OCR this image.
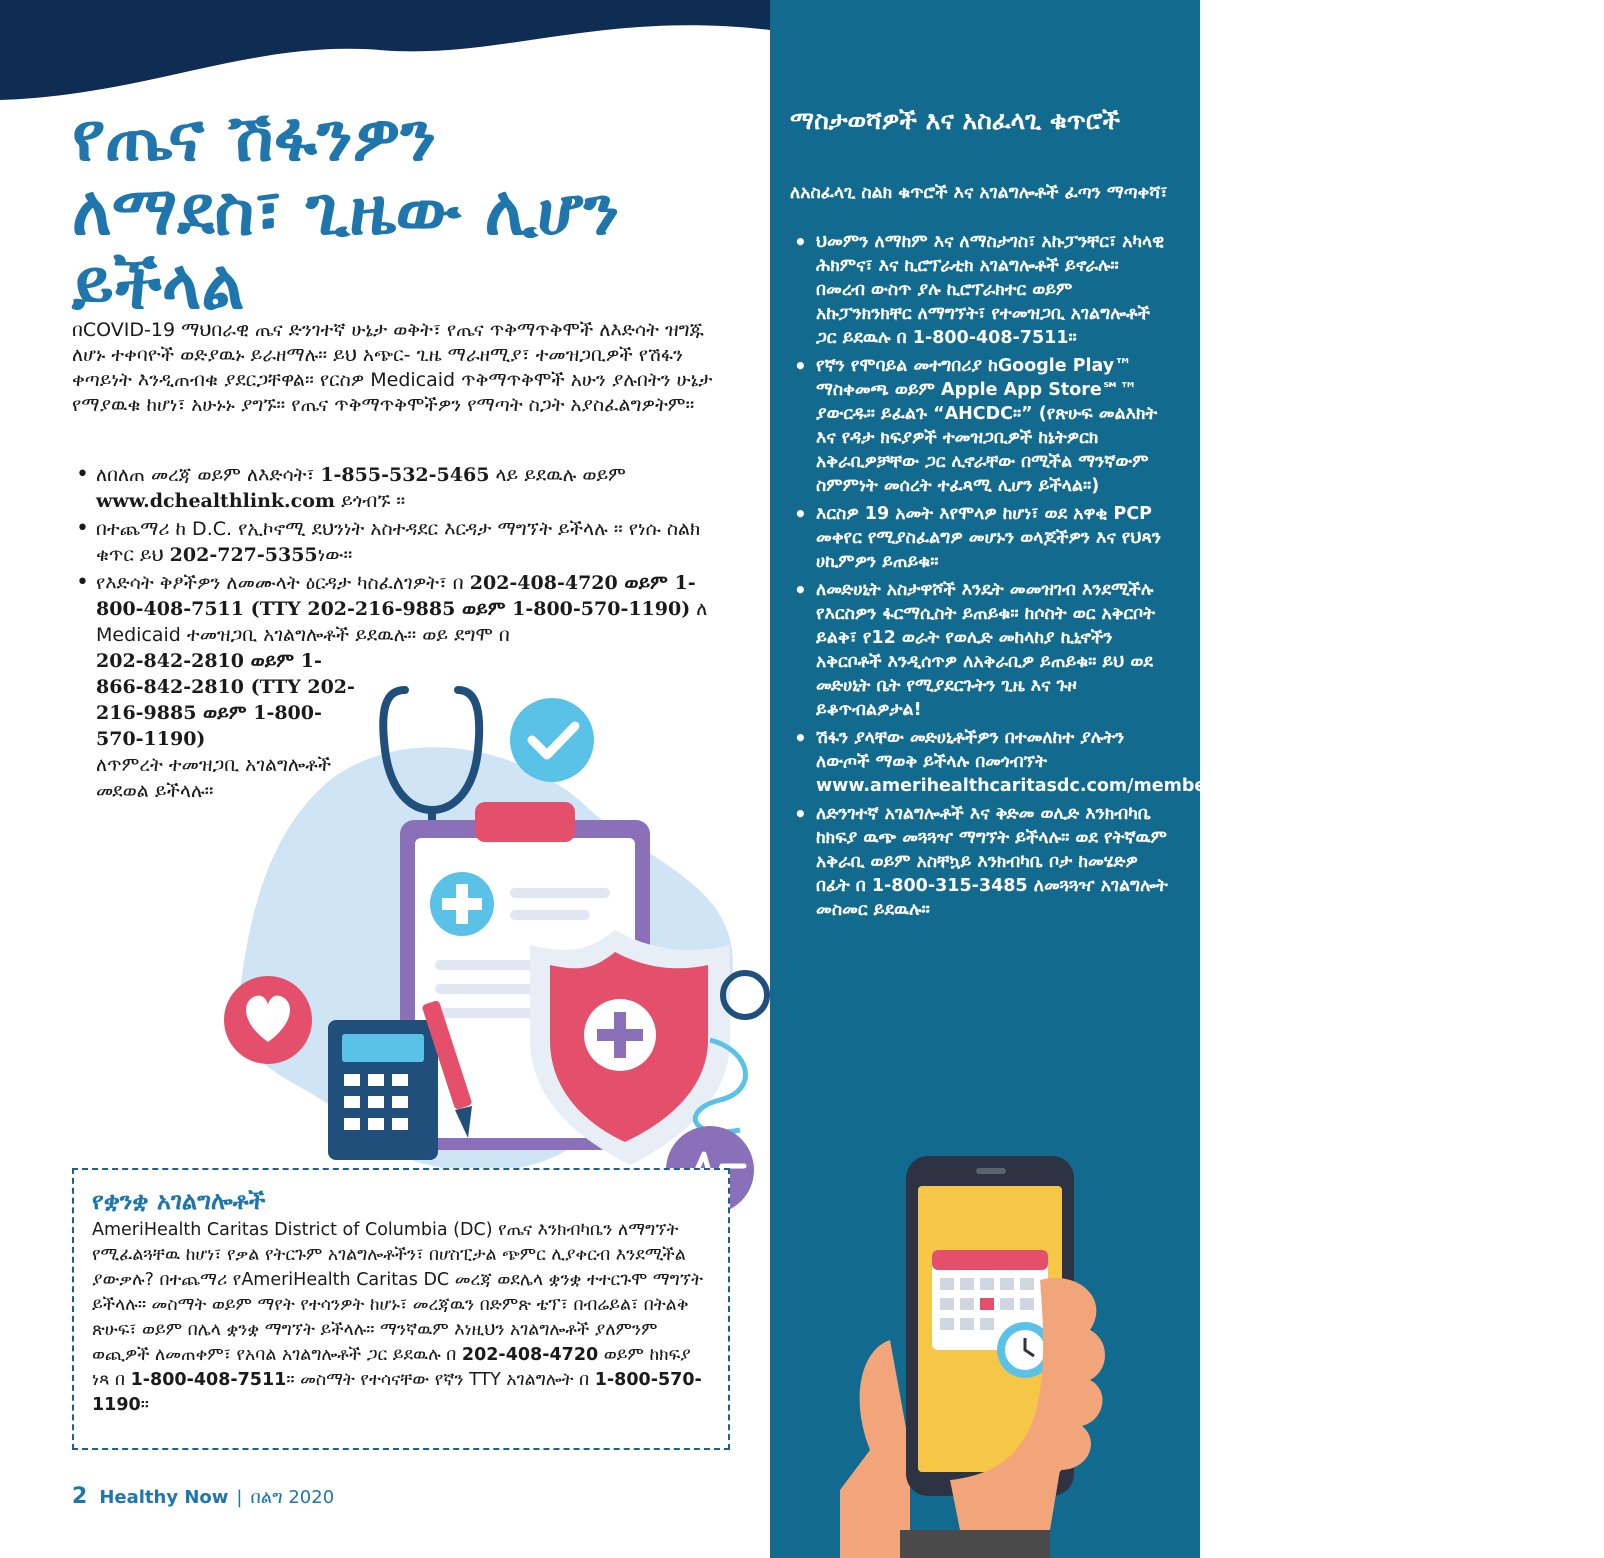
የጤና ሽፋንዎን
ለማደስ፣ ጊዜው ሊሆን
ይችላል

በCOVID-19 ማህበራዊ ጤና ድንገተኛ ሁኔታ ወቅት፣ የጤና ጥቅማጥቅሞች ለእድሳት ዝግጁ ለሆኑ ተቀባዮች ወድያዉኑ ይራዘማሉ። ይህ አጭር- ጊዜ ማራዘሚያ፣ ተመዝጋቢዎች የሽፋን ቀጣይነት እንዲጠብቁ ያደርጋቸዋል። የርስዎ Medicaid ጥቅማጥቅሞች አሁን ያሉበትን ሁኔታ የማያዉቁ ከሆነ፣ አሁኑኑ ያግኙ። የጤና ጥቅማጥቅሞችዎን የማጣት ስጋት አያስፈልግዎትም።

• ለበለጠ መረጃ ወይም ለእድሳት፣ 1-855-532-5465 ላይ ይደዉሉ ወይም www.dchealthlink.com ይጎብኙ ።
• በተጨማሪ ከ D.C. የኢኮኖሚ ደህንነት አስተዳደር እርዳታ ማግኘት ይችላሉ ። የነሱ ስልክ ቁጥር ይህ 202-727-5355ነው።
• የእድሳት ቅፆችዎን ለመሙላት ዕርዳታ ካስፈለገዎት፣ በ 202-408-4720 ወይም 1-800-408-7511 (TTY 202-216-9885 ወይም 1-800-570-1190) ለ Medicaid ተመዝጋቢ አገልግሎቶች ይደዉሉ። ወይ ደግሞ በ
202-842-2810 ወይም 1-866-842-2810 (TTY 202-216-9885 ወይም 1-800-570-1190)
ለጥምረት ተመዝጋቢ አገልግሎቶች መደወል ይችላሉ።
የቋንቋ አገልግሎቶች

AmeriHealth Caritas District of Columbia (DC) የጤና እንክብካቤን ለማግኘት የሚፈልጓቸዉ ከሆነ፣ የቃል የትርጉም አገልግሎቶችን፣ በሆስፒታል ጭምር ሊያቀርብ እንደሚችል ያውቃሉ? በተጨማሪ የAmeriHealth Caritas DC መረጃ ወደሌላ ቋንቋ ተተርጉሞ ማግኘት ይችላሉ። መስማት ወይም ማየት የተሳንዎት ከሆኑ፣ መረጃዉን በድምጽ ቴፕ፣ በብሬይል፣ በትልቅ ጽሁፍ፣ ወይም በሌላ ቋንቋ ማግኘት ይችላሉ። ማንኛዉም እነዚህን አገልግሎቶች ያለምንም ወጪዎች ለመጠቀም፣ የአባል አገልግሎቶች ጋር ይደዉሉ በ 202-408-4720 ወይም ከክፍያ ነጻ በ 1-800-408-7511። መስማት የተሳናቸው የኛን TTY አገልግሎት በ 1-800-570-1190።

2 Healthy Now | በልግ 2020
ማስታወሻዎች እና አስፈላጊ ቁጥሮች

ለአስፈላጊ ስልክ ቁጥሮች እና አገልግሎቶች ፈጣን ማጣቀሻ፣

• ህመምን ለማከም እና ለማስታገስ፣ አኩፓንቸር፣ አካላዊ ሕክምና፣ እና ኪሮፕራቲክ አገልግሎቶች ይኖራሉ። በመረብ ውስጥ ያሉ ኪሮፕራክተር ወይም አኩፓንክንክቸር ለማግኘት፣ የተመዝጋቢ አገልግሎቶች ጋር ይደዉሉ በ 1-800-408-7511።
• የኛን የሞባይል መተግበሪያ ከGoogle Play™ ማስቀመጫ ወይም Apple App Store℠™ ያውርዱ። ይፈልጉ “AHCDC።” (የጽሁፍ መልእክት እና የዳታ ክፍያዎች ተመዝጋቢዎች ከኔትዎርክ አቅራቢዎቻቸው ጋር ሊኖራቸው በሚችል ማንኛውም ስምምነት መሰረት ተፈጻሚ ሊሆን ይችላል።)
• እርስዎ 19 አመት እየሞላዎ ከሆነ፣ ወደ አዋቂ PCP መቀየር የሚያስፈልግዎ መሆኑን ወላጆችዎን እና የህጻን ሀኪምዎን ይጠይቁ።
• ለመድሀኒት አስታዋሾች እንዴት መመዝገብ እንደሚችሉ የእርስዎን ፋርማሲስት ይጠይቁ። ከሶስት ወር አቅርቦት ይልቅ፣ የ12 ወራት የወሊድ መከላከያ ኪኒኖችን አቅርቦቶች እንዲሰጥዎ ለአቅራቢዎ ይጠይቁ። ይህ ወደ መድሀኒት ቤት የሚያደርጉትን ጊዜ እና ጉዞ ይቆጥብልዎታል!
• ሽፋን ያላቸው መድሀኒቶችዎን በተመለከተ ያሉትን ለውጦች ማወቅ ይችላሉ በመጎብኘት www.amerihealthcaritasdc.com/member/eng/medicaid/benefits/pharmacy.aspx።
• ለድንገተኛ አገልግሎቶች እና ቅድመ ወሊድ እንክብካቤ ከክፍያ ዉጭ መጓጓዣ ማግኘት ይችላሉ። ወደ የትኛዉም አቅራቢ ወይም አስቸኳይ እንክብካቤ ቦታ ከመሄድዎ በፊት በ 1-800-315-3485 ለመጓጓዣ አገልግሎት መስመር ይደዉሉ።
